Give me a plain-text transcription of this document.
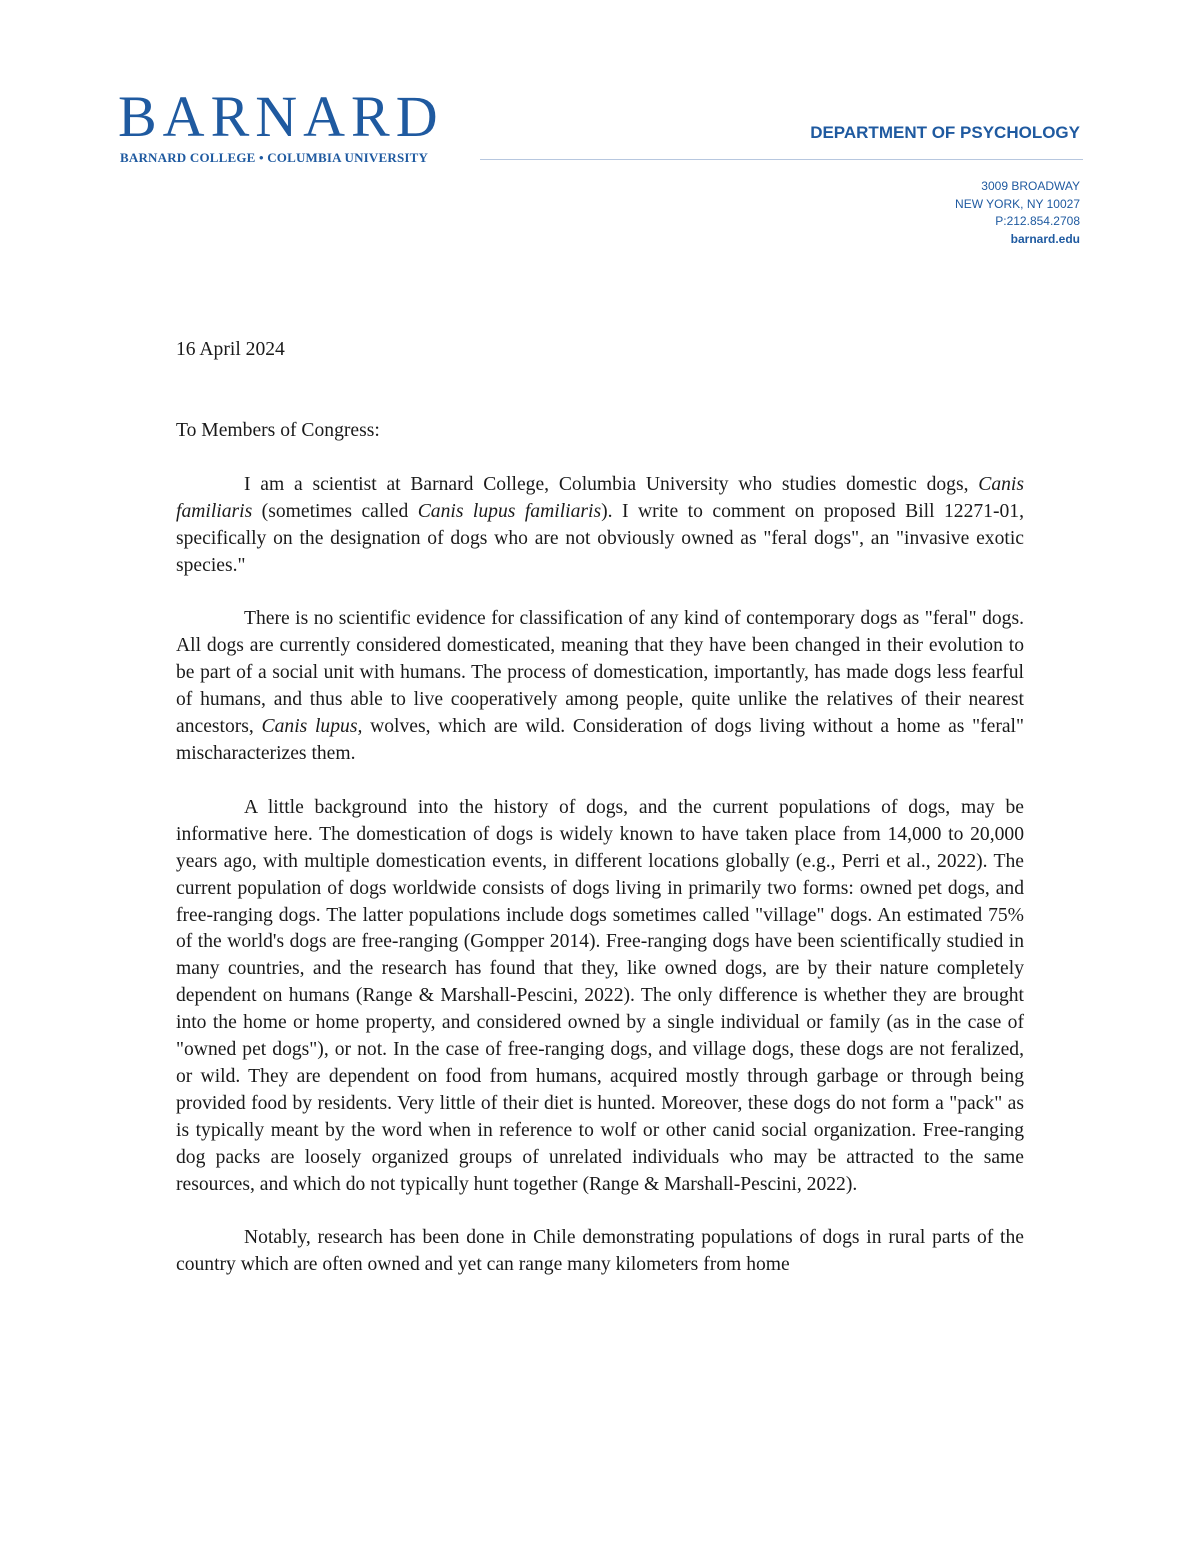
BARNARD
BARNARD COLLEGE • COLUMBIA UNIVERSITY
DEPARTMENT OF PSYCHOLOGY
3009 BROADWAY
NEW YORK, NY 10027
P:212.854.2708
barnard.edu

16 April 2024

To Members of Congress:

I am a scientist at Barnard College, Columbia University who studies domestic dogs, Canis familiaris (sometimes called Canis lupus familiaris). I write to comment on proposed Bill 12271-01, specifically on the designation of dogs who are not obviously owned as "feral dogs", an "invasive exotic species."

There is no scientific evidence for classification of any kind of contemporary dogs as "feral" dogs. All dogs are currently considered domesticated, meaning that they have been changed in their evolution to be part of a social unit with humans. The process of domestication, importantly, has made dogs less fearful of humans, and thus able to live cooperatively among people, quite unlike the relatives of their nearest ancestors, Canis lupus, wolves, which are wild. Consideration of dogs living without a home as "feral" mischaracterizes them.

A little background into the history of dogs, and the current populations of dogs, may be informative here. The domestication of dogs is widely known to have taken place from 14,000 to 20,000 years ago, with multiple domestication events, in different locations globally (e.g., Perri et al., 2022). The current population of dogs worldwide consists of dogs living in primarily two forms: owned pet dogs, and free-ranging dogs. The latter populations include dogs sometimes called "village" dogs. An estimated 75% of the world's dogs are free-ranging (Gompper 2014). Free-ranging dogs have been scientifically studied in many countries, and the research has found that they, like owned dogs, are by their nature completely dependent on humans (Range & Marshall-Pescini, 2022). The only difference is whether they are brought into the home or home property, and considered owned by a single individual or family (as in the case of "owned pet dogs"), or not. In the case of free-ranging dogs, and village dogs, these dogs are not feralized, or wild. They are dependent on food from humans, acquired mostly through garbage or through being provided food by residents. Very little of their diet is hunted. Moreover, these dogs do not form a "pack" as is typically meant by the word when in reference to wolf or other canid social organization. Free-ranging dog packs are loosely organized groups of unrelated individuals who may be attracted to the same resources, and which do not typically hunt together (Range & Marshall-Pescini, 2022).

Notably, research has been done in Chile demonstrating populations of dogs in rural parts of the country which are often owned and yet can range many kilometers from home
